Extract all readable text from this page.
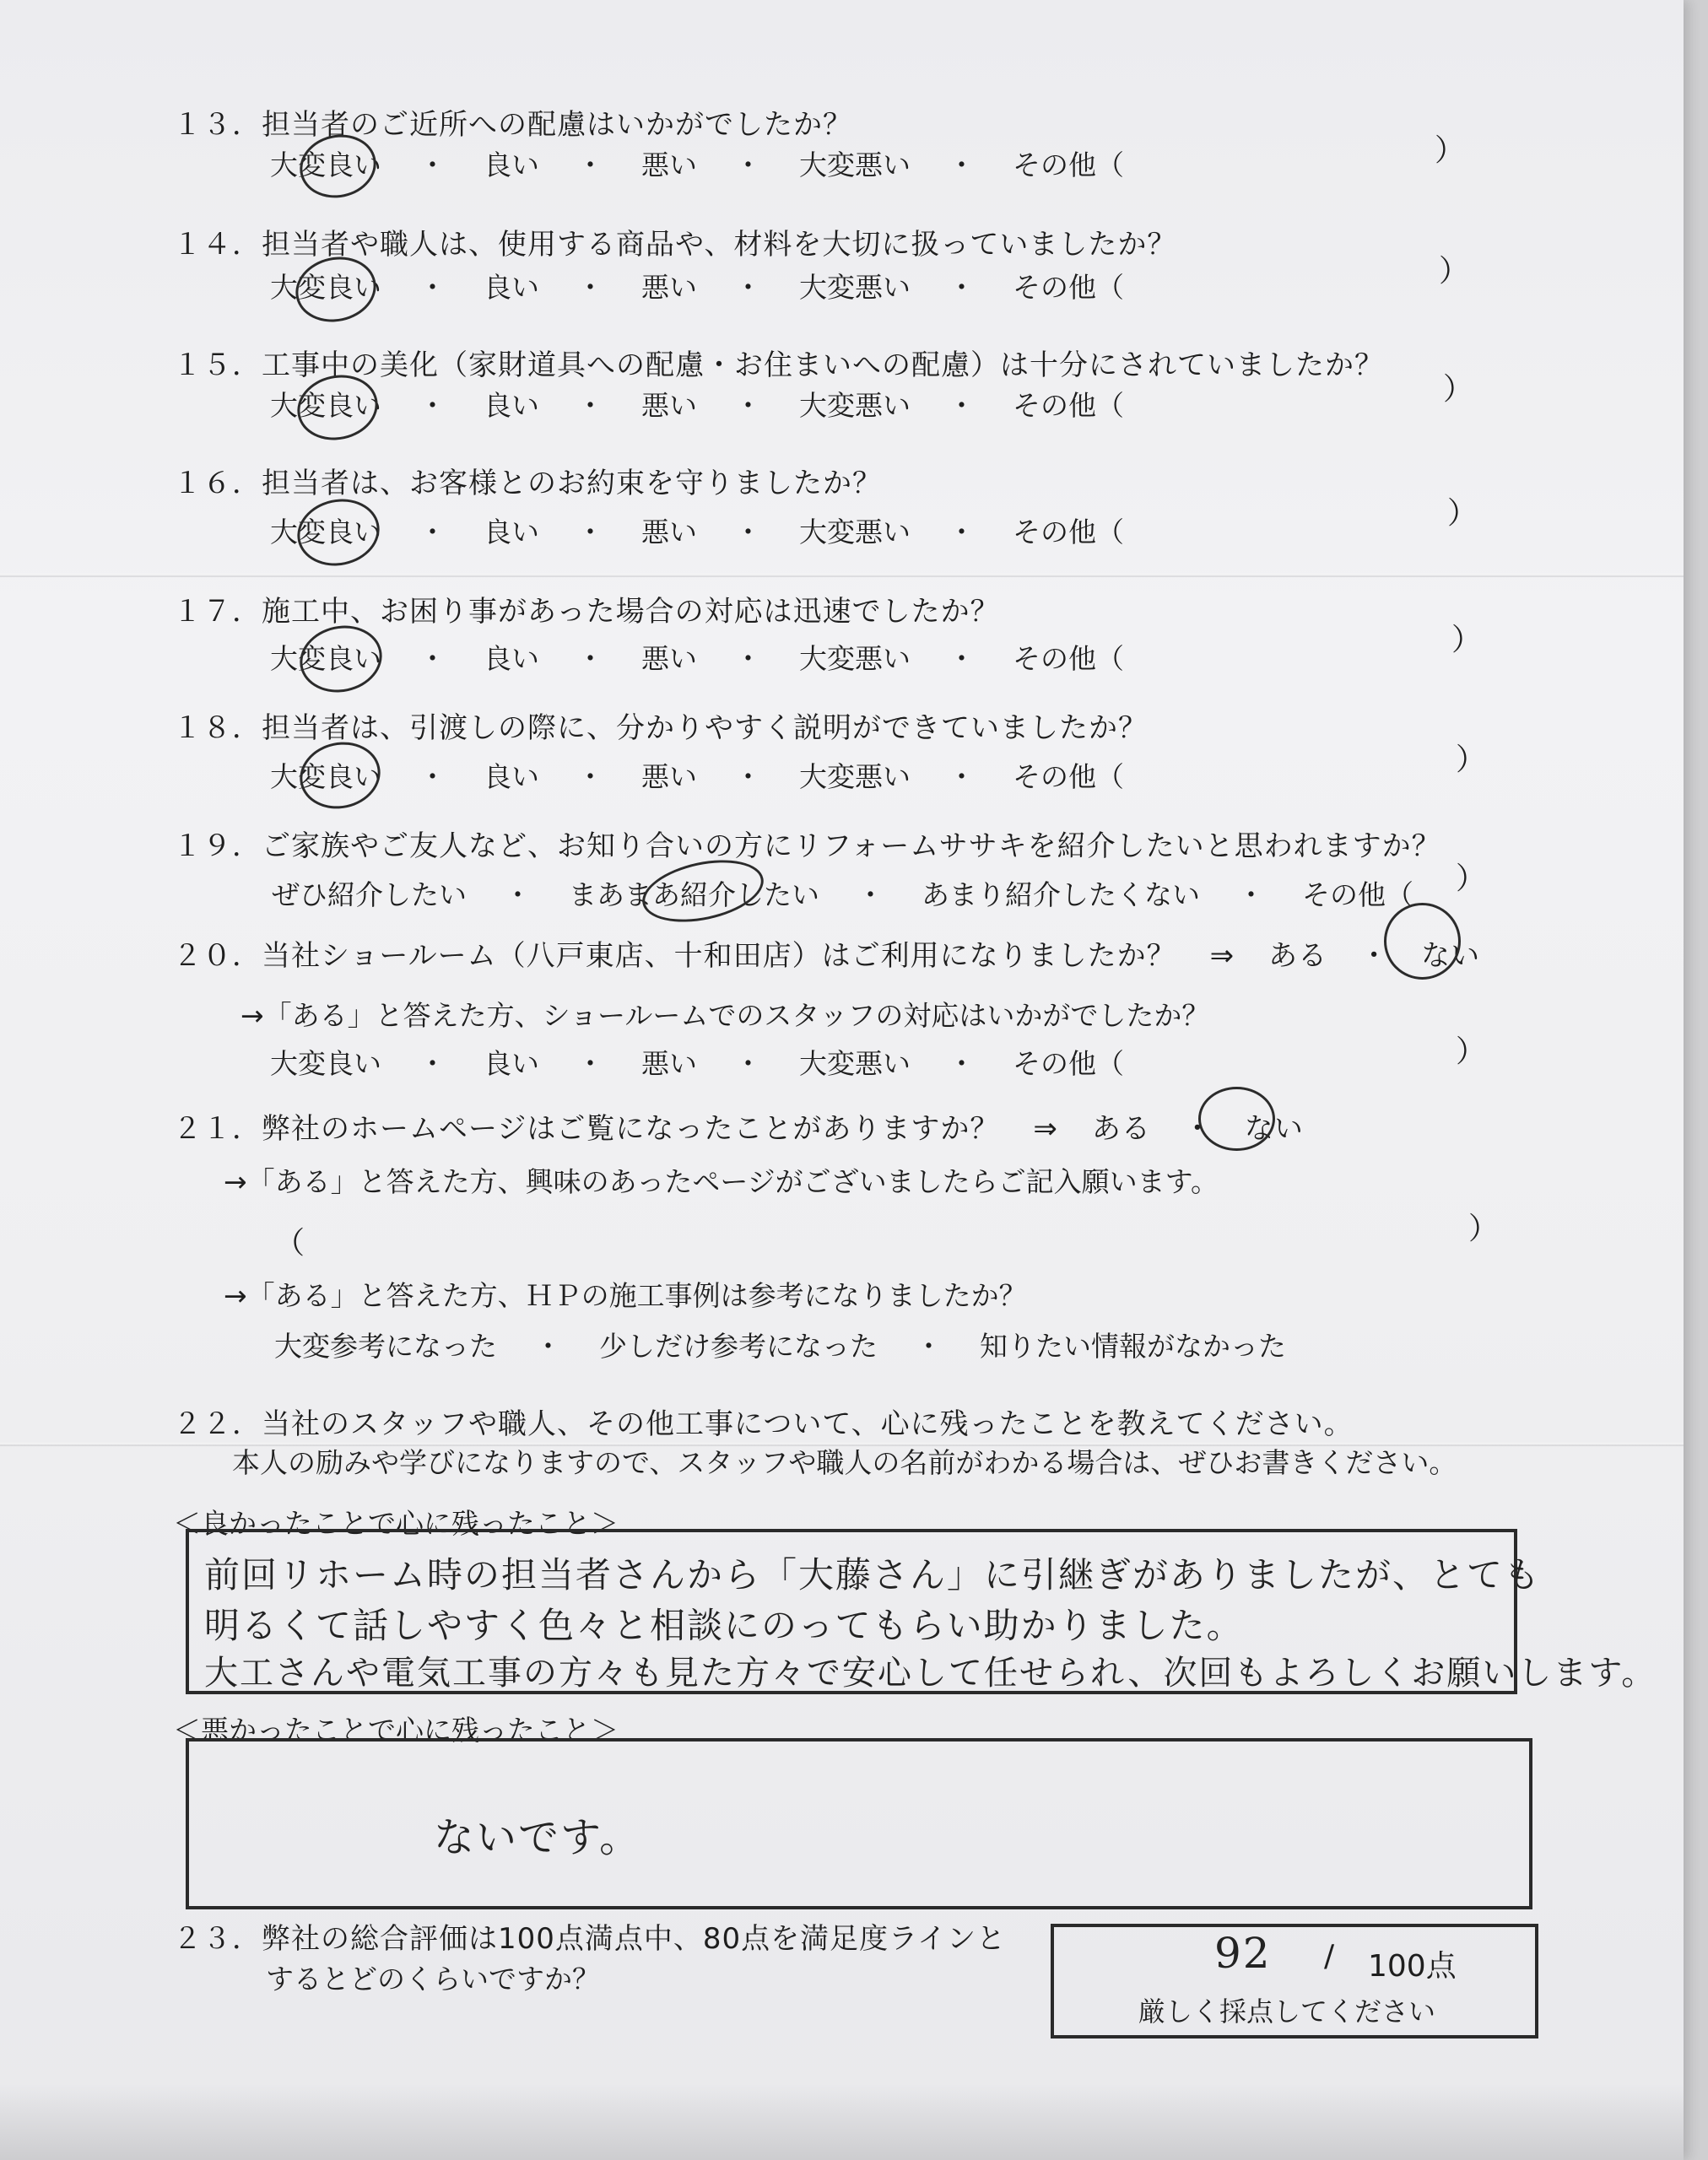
１３．担当者のご近所への配慮はいかがでしたか？
大変良い ・ 良い ・ 悪い ・ 大変悪い ・ その他（	）
１４．担当者や職人は、使用する商品や、材料を大切に扱っていましたか？
大変良い ・ 良い ・ 悪い ・ 大変悪い ・ その他（	）
１５．工事中の美化（家財道具への配慮・お住まいへの配慮）は十分にされていましたか？
大変良い ・ 良い ・ 悪い ・ 大変悪い ・ その他（	）
１６．担当者は、お客様とのお約束を守りましたか？
大変良い ・ 良い ・ 悪い ・ 大変悪い ・ その他（
）
１７．施工中、お困り事があった場合の対応は迅速でしたか？
大変良い ・ 良い ・ 悪い ・ 大変悪い ・ その他（
）
１８．担当者は、引渡しの際に、分かりやすく説明ができていましたか？
大変良い ・ 良い ・ 悪い ・ 大変悪い ・ その他（	）
１９．ご家族やご友人など、お知り合いの方にリフォームササキを紹介したいと思われますか？
ぜひ紹介したい ・ まあまあ紹介したい ・ あまり紹介したくない ・ その他（ ）
２０．当社ショールーム（八戸東店、十和田店）はご利用になりましたか？ ⇒ ある ・ ない
→「ある」と答えた方、ショールームでのスタッフの対応はいかがでしたか？
大変良い ・ 良い ・ 悪い ・ 大変悪い ・ その他（	）
２１．弊社のホームページはご覧になったことがありますか？ ⇒ ある ・ ない
→「ある」と答えた方、興味のあったページがございましたらご記入願います。
（	）
→「ある」と答えた方、ＨＰの施工事例は参考になりましたか？
大変参考になった ・ 少しだけ参考になった ・ 知りたい情報がなかった
２２．当社のスタッフや職人、その他工事について、心に残ったことを教えてください。
本人の励みや学びになりますので、スタッフや職人の名前がわかる場合は、ぜひお書きください。
＜良かったことで心に残ったこと＞
前回リホーム時の担当者さんから「大藤さん」に引継ぎがありましたが、とても
明るくて話しやすく色々と相談にのってもらい助かりました。
大工さんや電気工事の方々も見た方々で安心して任せられ、次回もよろしくお願いします。
＜悪かったことで心に残ったこと＞
ないです。
２３．弊社の総合評価は100点満点中、80点を満足度ラインと
するとどのくらいですか？
92 / 100点
厳しく採点してください
